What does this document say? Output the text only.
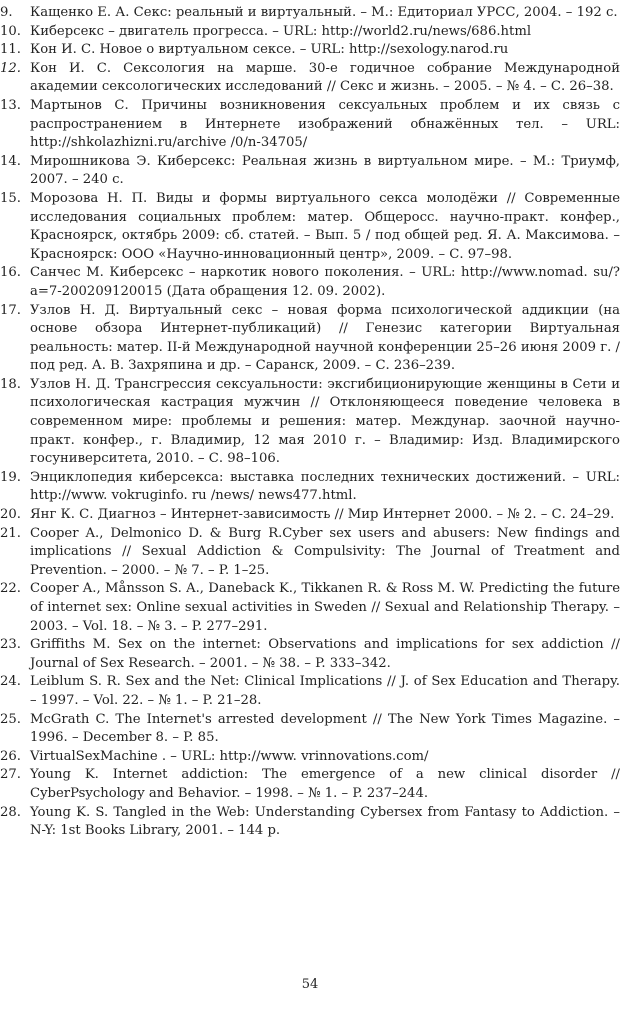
9.	Кащенко Е. А. Секс: реальный и виртуальный. – М.: Едиториал УРСС, 2004. – 192 с.
10. Киберсекс – двигатель прогресса. – URL: http://world2.ru/news/686.html
11. Кон И. С. Новое о виртуальном сексе. – URL: http://sexology.narod.ru
12. Кон И. С. Сексология на марше. 30-е годичное собрание Международной академии сексологических исследований // Секс и жизнь. – 2005. – № 4. – С. 26–38.
13. Мартынов С. Причины возникновения сексуальных проблем и их связь с распространением в Интернете изображений обнажённых тел. – URL: http://shkolazhizni.ru/archive /0/n-34705/
14. Мирошникова Э. Киберсекс: Реальная жизнь в виртуальном мире. – М.: Триумф, 2007. – 240 с.
15. Морозова Н. П. Виды и формы виртуального секса молодёжи // Современные исследования социальных проблем: матер. Общеросс. научно-практ. конфер., Красноярск, октябрь 2009: сб. статей. – Вып. 5 / под общей ред. Я. А. Максимова. – Красноярск: ООО «Научно-инновационный центр», 2009. – С. 97–98.
16. Санчес М. Киберсекс – наркотик нового поколения. – URL: http://www.nomad. su/?a=7-200209120015 (Дата обращения 12. 09. 2002).
17. Узлов Н. Д. Виртуальный секс – новая форма психологической аддикции (на основе обзора Интернет-публикаций) // Генезис категории Виртуальная реальность: матер. II-й Международной научной конференции 25–26 июня 2009 г. / под ред. А. В. Захряпина и др. – Саранск, 2009. – С. 236–239.
18. Узлов Н. Д. Трансгрессия сексуальности: эксгибиционирующие женщины в Сети и психологическая кастрация мужчин // Отклоняющееся поведение человека в современном мире: проблемы и решения: матер. Междунар. заочной научно-практ. конфер., г. Владимир, 12 мая 2010 г. – Владимир: Изд. Владимирского госуниверситета, 2010. – С. 98–106.
19. Энциклопедия киберсекса: выставка последних технических достижений. – URL: http://www. vokruginfo. ru /news/ news477.html.
20. Янг К. С. Диагноз – Интернет-зависимость // Мир Интернет 2000. – № 2. – С. 24–29.
21. Cooper A., Delmonico D. & Burg R.Cyber sex users and abusers: New findings and implications // Sexual Addiction & Compulsivity: The Journal of Treatment and Prevention. – 2000. – № 7. – P. 1–25.
22. Cooper A., Månsson S. A., Daneback K., Tikkanen R. & Ross M. W. Predicting the future of internet sex: Online sexual activities in Sweden // Sexual and Relationship Therapy. – 2003. – Vol. 18. – № 3. – P. 277–291.
23. Griffiths M. Sex on the internet: Observations and implications for sex addiction // Journal of Sex Research. – 2001. – № 38. – P. 333–342.
24. Leiblum S. R. Sex and the Net: Clinical Implications // J. of Sex Education and Therapy. – 1997. – Vol. 22. – № 1. – P. 21–28.
25. McGrath C. The Internet's arrested development // The New York Times Magazine. – 1996. – December 8. – P. 85.
26. VirtualSexMachine . – URL: http://www. vrinnovations.com/
27. Young K. Internet addiction: The emergence of a new clinical disorder // CyberPsychology and Behavior. – 1998. – № 1. – P. 237–244.
28. Young K. S. Tangled in the Web: Understanding Cybersex from Fantasy to Addiction. – N-Y: 1st Books Library, 2001. – 144 p.
54
